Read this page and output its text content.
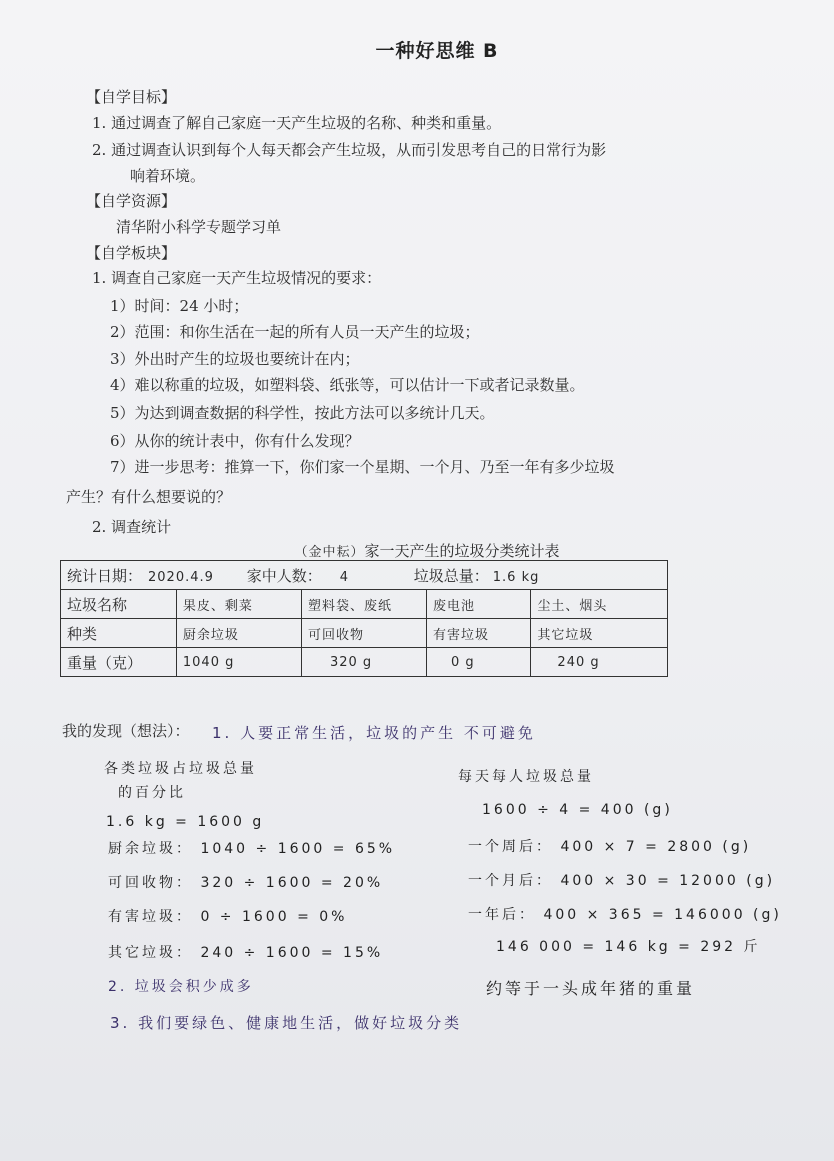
一种好思维 B
【自学目标】
1. 通过调查了解自己家庭一天产生垃圾的名称、种类和重量。
2. 通过调查认识到每个人每天都会产生垃圾，从而引发思考自己的日常行为影
响着环境。
【自学资源】
清华附小科学专题学习单
【自学板块】
1. 调查自己家庭一天产生垃圾情况的要求：
1）时间：24 小时；
2）范围：和你生活在一起的所有人员一天产生的垃圾；
3）外出时产生的垃圾也要统计在内；
4）难以称重的垃圾，如塑料袋、纸张等，可以估计一下或者记录数量。
5）为达到调查数据的科学性，按此方法可以多统计几天。
6）从你的统计表中，你有什么发现？
7）进一步思考：推算一下，你们家一个星期、一个月、乃至一年有多少垃圾
产生？有什么想要说的？
2. 调查统计
（金中耘）家一天产生的垃圾分类统计表
统计日期： 2020.4.9 家中人数： 4 垃圾总量： 1.6 kg				
垃圾名称	果皮、剩菜	塑料袋、废纸	废电池	尘土、烟头
种类	厨余垃圾	可回收物	有害垃圾	其它垃圾
重量（克）	1040 g	320 g	0 g	240 g
我的发现（想法）： 1. 人要正常生活，垃圾的产生 不可避免
各类垃圾占垃圾总量
的百分比
1.6 kg = 1600 g
厨余垃圾： 1040 ÷ 1600 = 65%
可回收物： 320 ÷ 1600 = 20%
有害垃圾： 0 ÷ 1600 = 0%
其它垃圾： 240 ÷ 1600 = 15%
每天每人垃圾总量
1600 ÷ 4 = 400 (g)
一个周后： 400 × 7 = 2800 (g)
一个月后： 400 × 30 = 12000 (g)
一年后： 400 × 365 = 146000 (g)
146 000 = 146 kg = 292 斤
约等于一头成年猪的重量
2. 垃圾会积少成多
3. 我们要绿色、健康地生活，做好垃圾分类
